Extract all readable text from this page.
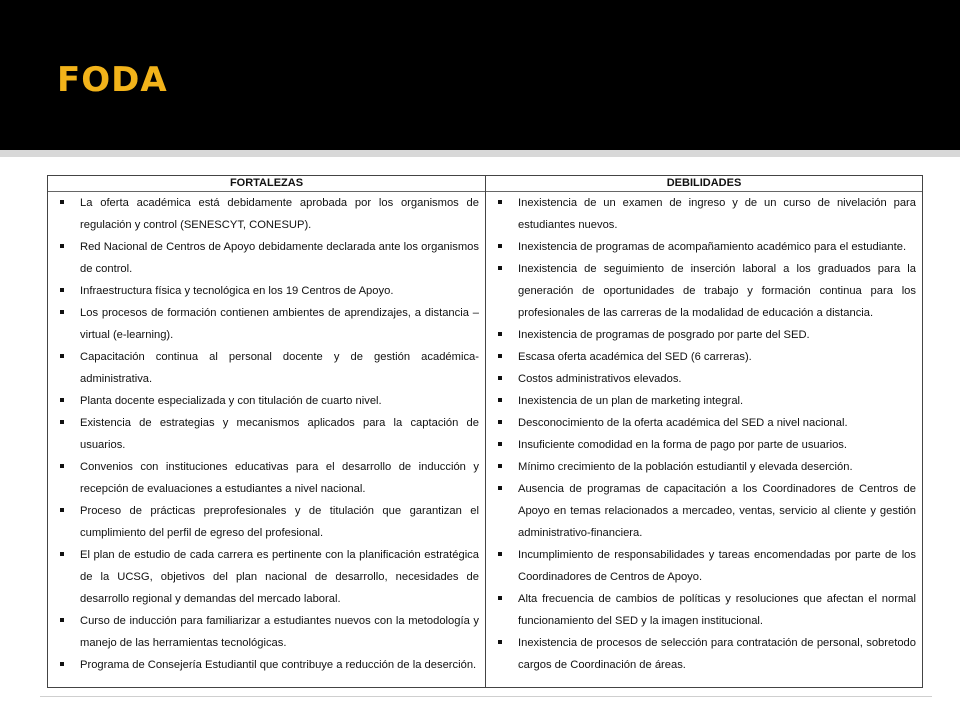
FODA
FORTALEZAS
La oferta académica está debidamente aprobada por los organismos de regulación y control (SENESCYT, CONESUP).
Red Nacional de Centros de Apoyo debidamente declarada ante los organismos de control.
Infraestructura física y tecnológica en los 19 Centros de Apoyo.
Los procesos de formación contienen ambientes de aprendizajes, a distancia – virtual (e-learning).
Capacitación continua al personal docente y de gestión académica-administrativa.
Planta docente especializada y con titulación de cuarto nivel.
Existencia de estrategias y mecanismos aplicados para la captación de usuarios.
Convenios con instituciones educativas para el desarrollo de inducción y recepción de evaluaciones a estudiantes a nivel nacional.
Proceso de prácticas preprofesionales y de titulación que garantizan el cumplimiento del perfil de egreso del profesional.
El plan de estudio de cada carrera es pertinente con la planificación estratégica de la UCSG, objetivos del plan nacional de desarrollo, necesidades de desarrollo regional y demandas del mercado laboral.
Curso de inducción para familiarizar a estudiantes nuevos con la metodología y manejo de las herramientas tecnológicas.
Programa de Consejería Estudiantil que contribuye a reducción de la deserción.
DEBILIDADES
Inexistencia de un examen de ingreso y de un curso de nivelación para estudiantes nuevos.
Inexistencia de programas de acompañamiento académico para el estudiante.
Inexistencia de seguimiento de inserción laboral a los graduados para la generación de oportunidades de trabajo y formación continua para los profesionales de las carreras de la modalidad de educación a distancia.
Inexistencia de programas de posgrado por parte del SED.
Escasa oferta académica del SED (6 carreras).
Costos administrativos elevados.
Inexistencia de un plan de marketing integral.
Desconocimiento de la oferta académica del SED a nivel nacional.
Insuficiente comodidad en la forma de pago por parte de usuarios.
Mínimo crecimiento de la población estudiantil y elevada deserción.
Ausencia de programas de capacitación a los Coordinadores de Centros de Apoyo en temas relacionados a mercadeo, ventas, servicio al cliente y gestión administrativo-financiera.
Incumplimiento de responsabilidades y tareas encomendadas por parte de los Coordinadores de Centros de Apoyo.
Alta frecuencia de cambios de políticas y resoluciones que afectan el normal funcionamiento del SED y la imagen institucional.
Inexistencia de procesos de selección para contratación de personal, sobretodo cargos de Coordinación de áreas.
